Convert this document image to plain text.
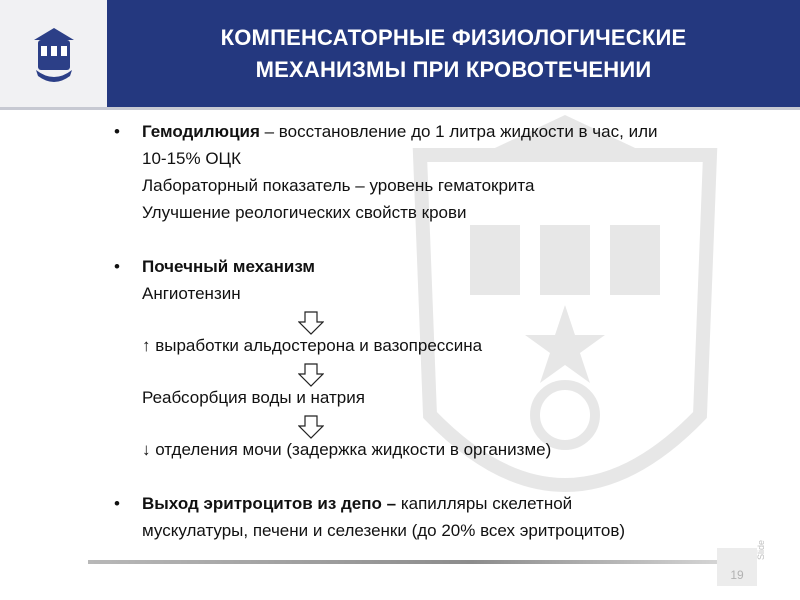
КОМПЕНСАТОРНЫЕ ФИЗИОЛОГИЧЕСКИЕ
МЕХАНИЗМЫ ПРИ КРОВОТЕЧЕНИИ
• Гемодилюция – восстановление до 1 литра жидкости в час, или
10-15% ОЦК
Лабораторный показатель – уровень гематокрита
Улучшение реологических свойств крови
• Почечный механизм
Ангиотензин
↑ выработки альдостерона и вазопрессина
Реабсорбция воды и натрия
↓ отделения мочи (задержка жидкости в организме)
• Выход эритроцитов из депо – капилляры скелетной
мускулатуры, печени и селезенки (до 20% всех эритроцитов)
19
Slide
